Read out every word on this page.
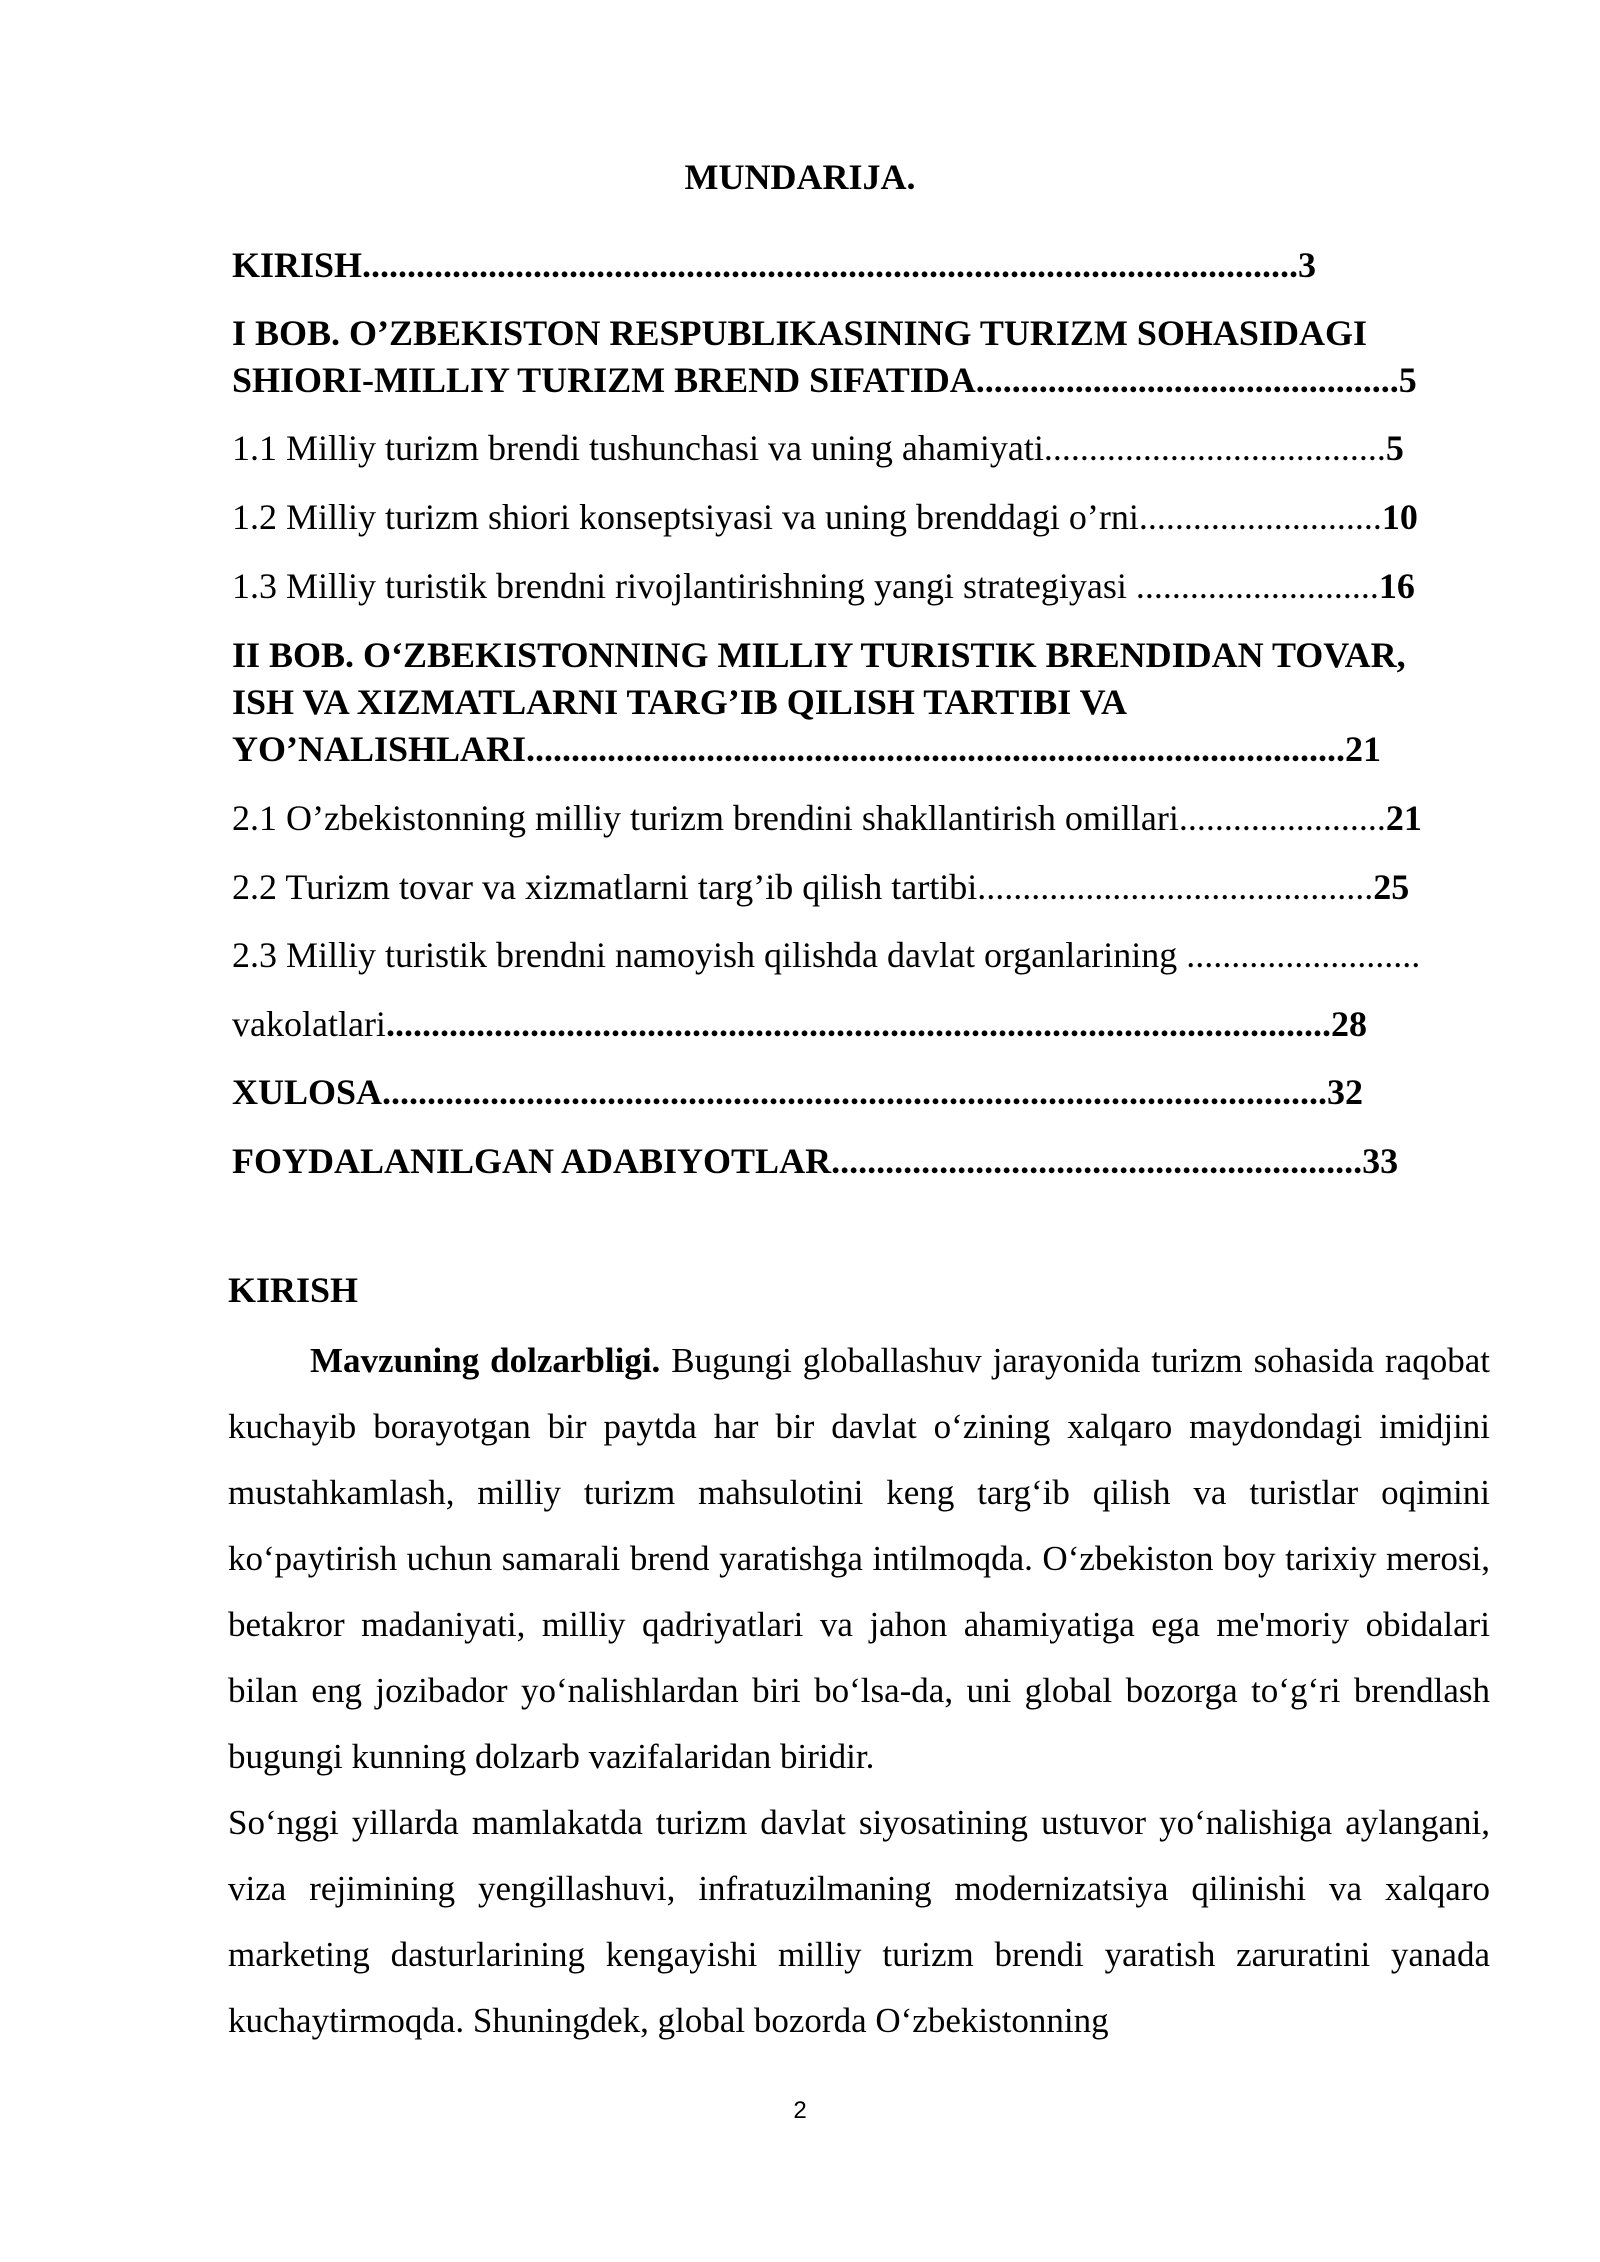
MUNDARIJA.
KIRISH........................................................................................................3
I BOB. O’ZBEKISTON RESPUBLIKASINING TURIZM SOHASIDAGI
SHIORI-MILLIY TURIZM BREND SIFATIDA...............................................5
1.1 Milliy turizm brendi tushunchasi va uning ahamiyati......................................5
1.2 Milliy turizm shiori konseptsiyasi va uning brenddagi o’rni...........................10
1.3 Milliy turistik brendni rivojlantirishning yangi strategiyasi ...........................16
II BOB. O‘ZBEKISTONNING MILLIY TURISTIK BRENDIDAN TOVAR,
ISH VA XIZMATLARNI TARG’IB QILISH TARTIBI VA
YO’NALISHLARI...........................................................................................21
2.1 O’zbekistonning milliy turizm brendini shakllantirish omillari.......................21
2.2 Turizm tovar va xizmatlarni targ’ib qilish tartibi............................................25
2.3 Milliy turistik brendni namoyish qilishda davlat organlarining ..........................
vakolatlari.........................................................................................................28
XULOSA.........................................................................................................32
FOYDALANILGAN ADABIYOTLAR...........................................................33
KIRISH
Mavzuning dolzarbligi. Bugungi globallashuv jarayonida turizm sohasida raqobat kuchayib borayotgan bir paytda har bir davlat o‘zining xalqaro maydondagi imidjini mustahkamlash, milliy turizm mahsulotini keng targ‘ib qilish va turistlar oqimini ko‘paytirish uchun samarali brend yaratishga intilmoqda. O‘zbekiston boy tarixiy merosi, betakror madaniyati, milliy qadriyatlari va jahon ahamiyatiga ega me'moriy obidalari bilan eng jozibador yo‘nalishlardan biri bo‘lsa-da, uni global bozorga to‘g‘ri brendlash bugungi kunning dolzarb vazifalaridan biridir.
So‘nggi yillarda mamlakatda turizm davlat siyosatining ustuvor yo‘nalishiga aylangani, viza rejimining yengillashuvi, infratuzilmaning modernizatsiya qilinishi va xalqaro marketing dasturlarining kengayishi milliy turizm brendi yaratish zaruratini yanada kuchaytirmoqda. Shuningdek, global bozorda O‘zbekistonning
2
